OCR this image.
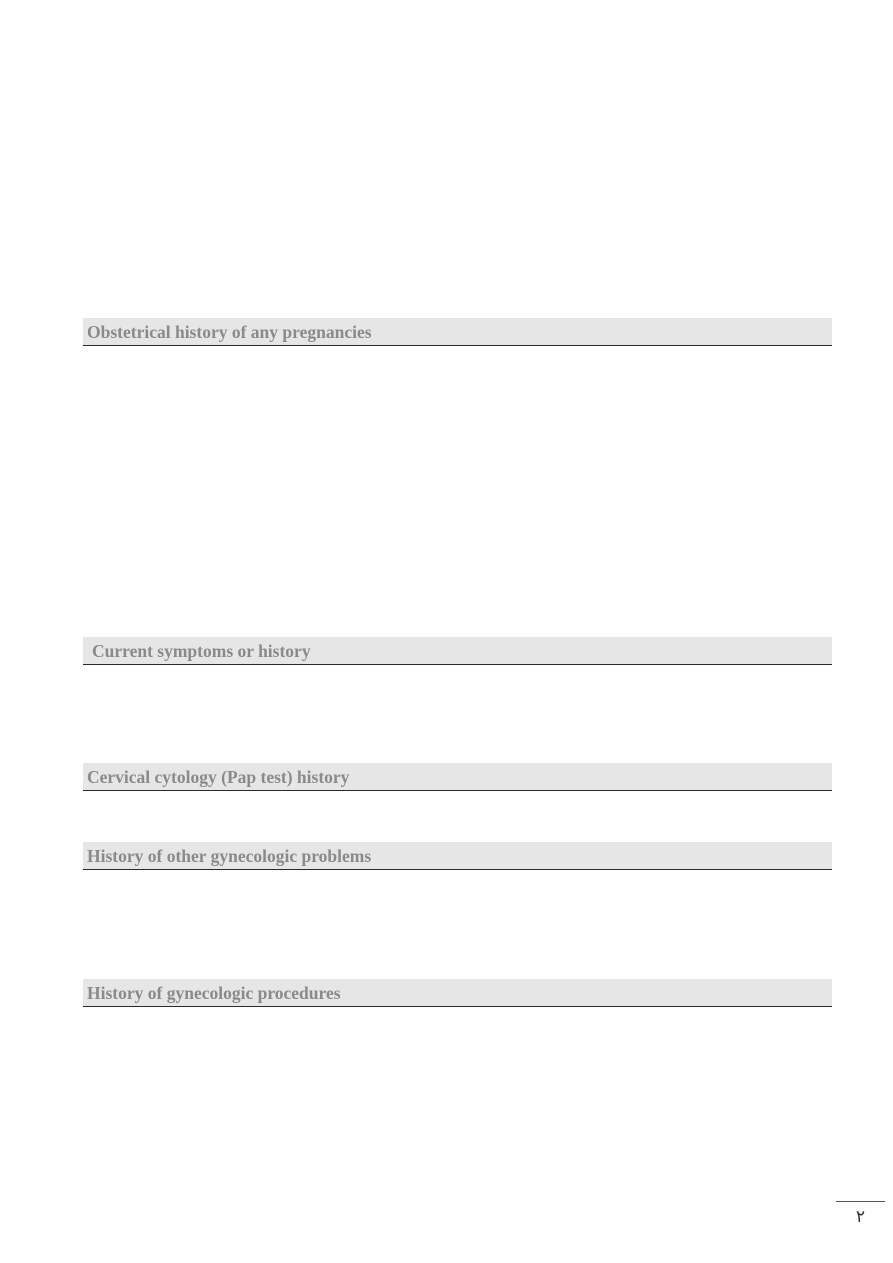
Obstetrical history of any pregnancies
Current symptoms or history
Cervical cytology (Pap test) history
History of other gynecologic problems
History of gynecologic procedures
٢
